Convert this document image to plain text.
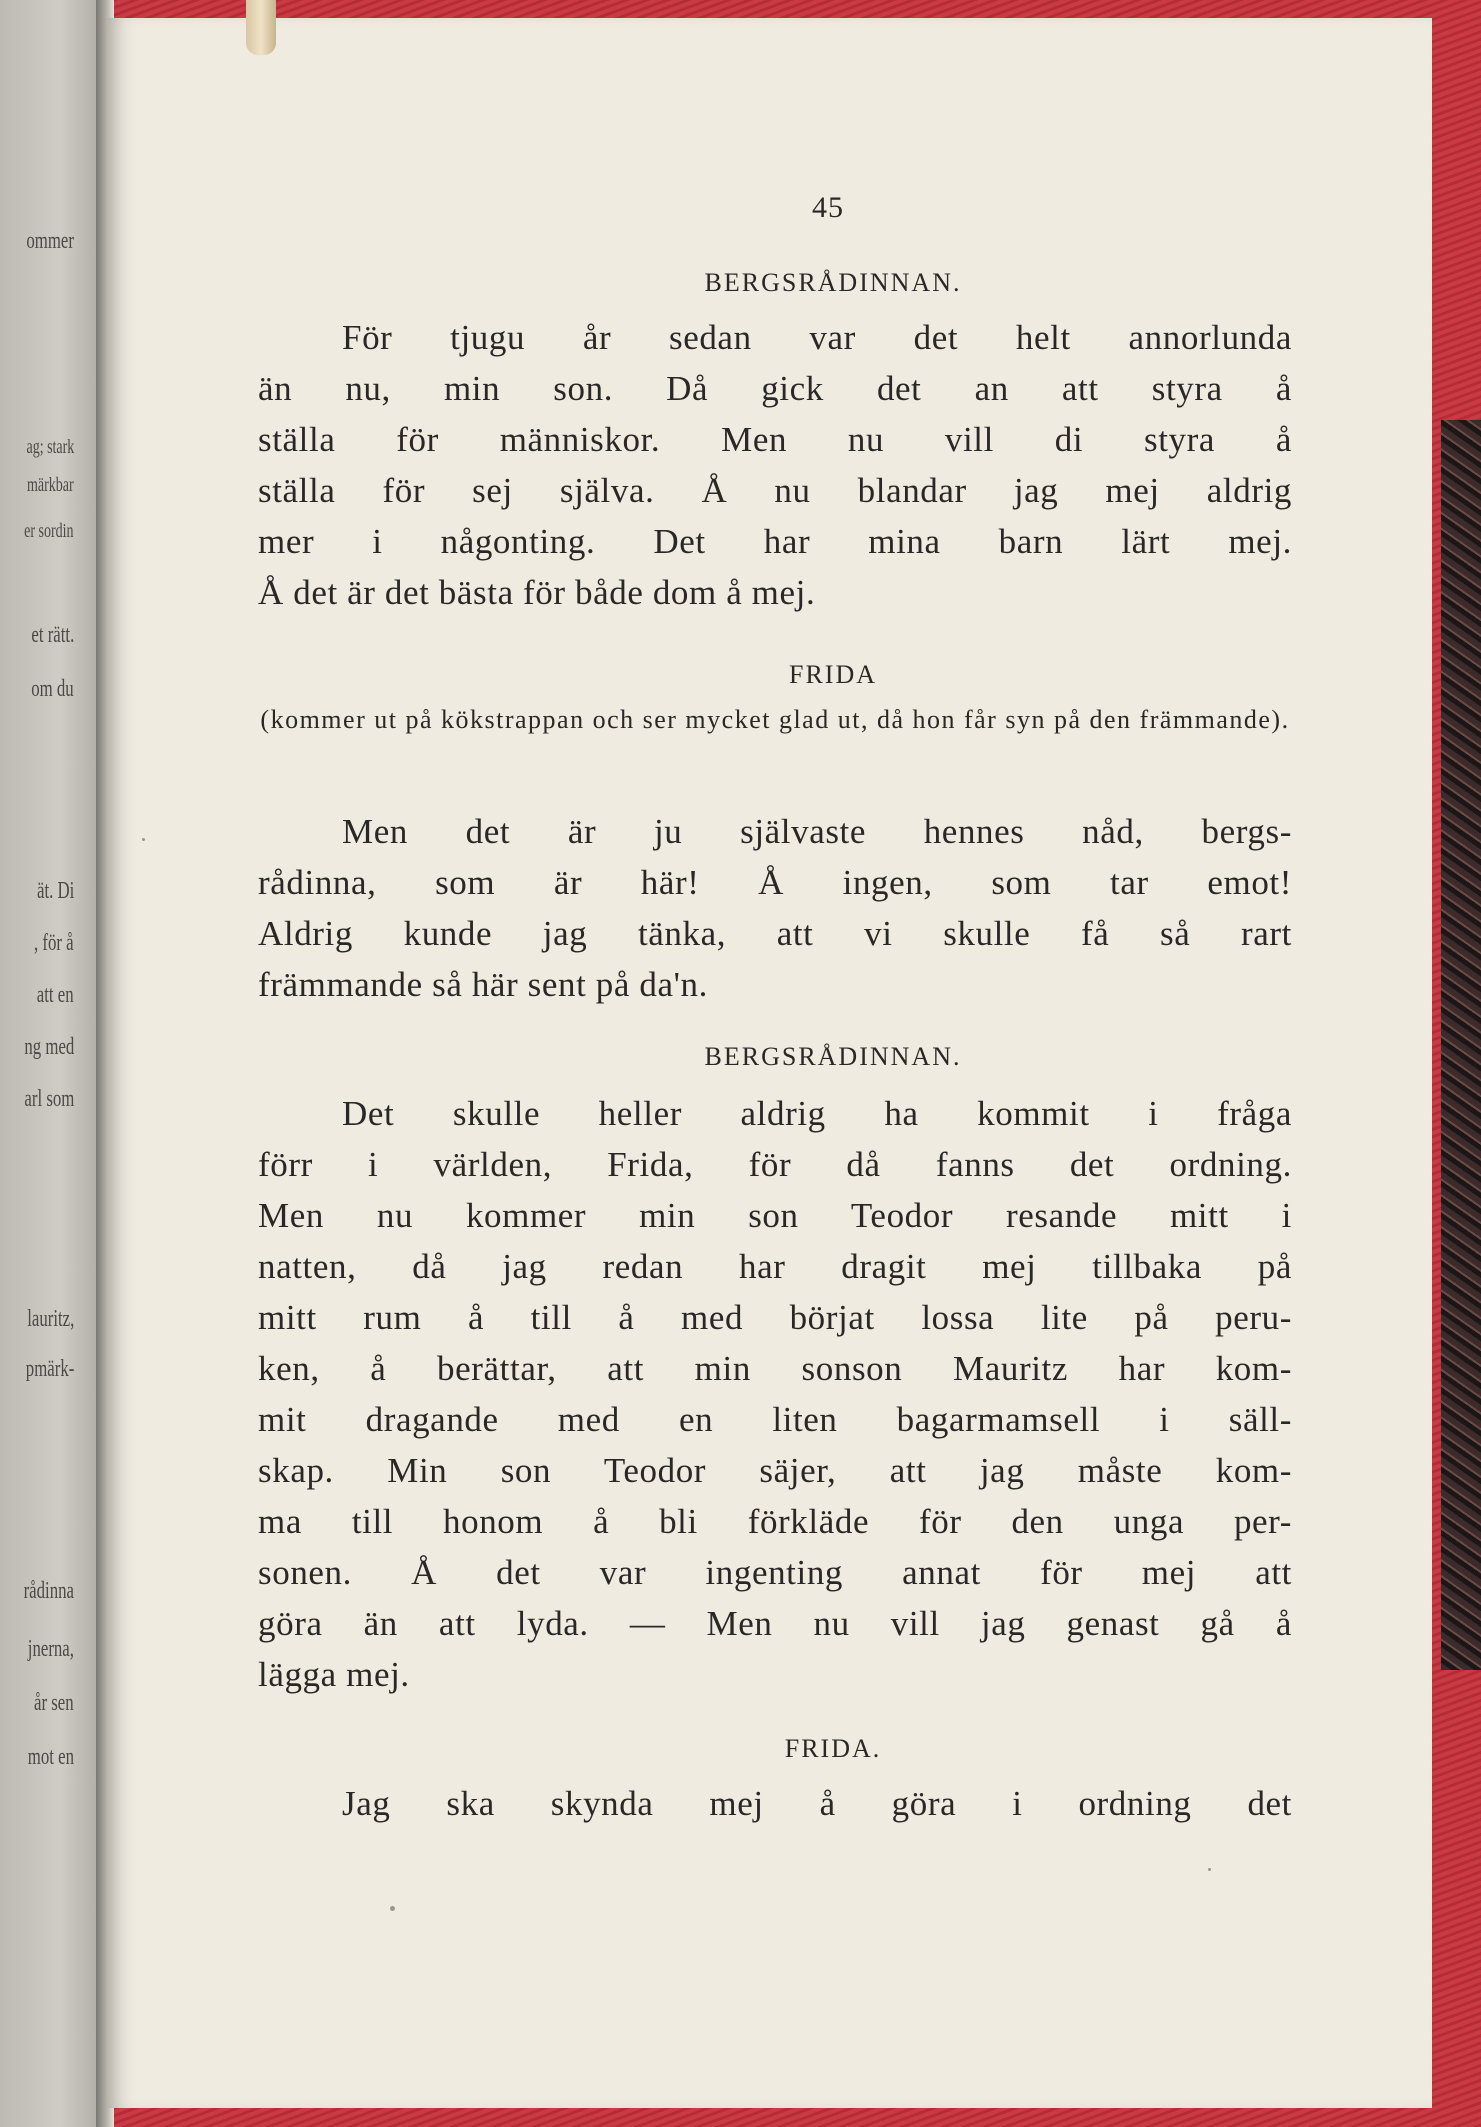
ommer
ag; stark
märkbar
er sordin
et rätt.
om du
ät. Di
, för å
att en
ng med
arl som
lauritz,
pmärk-
rådinna
jnerna,
år sen
mot en
45
BERGSRÅDINNAN.
För tjugu år sedan var det helt annorlunda
än nu, min son. Då gick det an att styra å
ställa för människor. Men nu vill di styra å
ställa för sej själva. Å nu blandar jag mej aldrig
mer i någonting. Det har mina barn lärt mej.
Å det är det bästa för både dom å mej.
FRIDA
(kommer ut på kökstrappan och ser mycket glad ut, då hon får syn på den främmande).
Men det är ju självaste hennes nåd, bergs-
rådinna, som är här! Å ingen, som tar emot!
Aldrig kunde jag tänka, att vi skulle få så rart
främmande så här sent på da'n.
BERGSRÅDINNAN.
Det skulle heller aldrig ha kommit i fråga
förr i världen, Frida, för då fanns det ordning.
Men nu kommer min son Teodor resande mitt i
natten, då jag redan har dragit mej tillbaka på
mitt rum å till å med börjat lossa lite på peru-
ken, å berättar, att min sonson Mauritz har kom-
mit dragande med en liten bagarmamsell i säll-
skap. Min son Teodor säjer, att jag måste kom-
ma till honom å bli förkläde för den unga per-
sonen. Å det var ingenting annat för mej att
göra än att lyda. — Men nu vill jag genast gå å
lägga mej.
FRIDA.
Jag ska skynda mej å göra i ordning det
